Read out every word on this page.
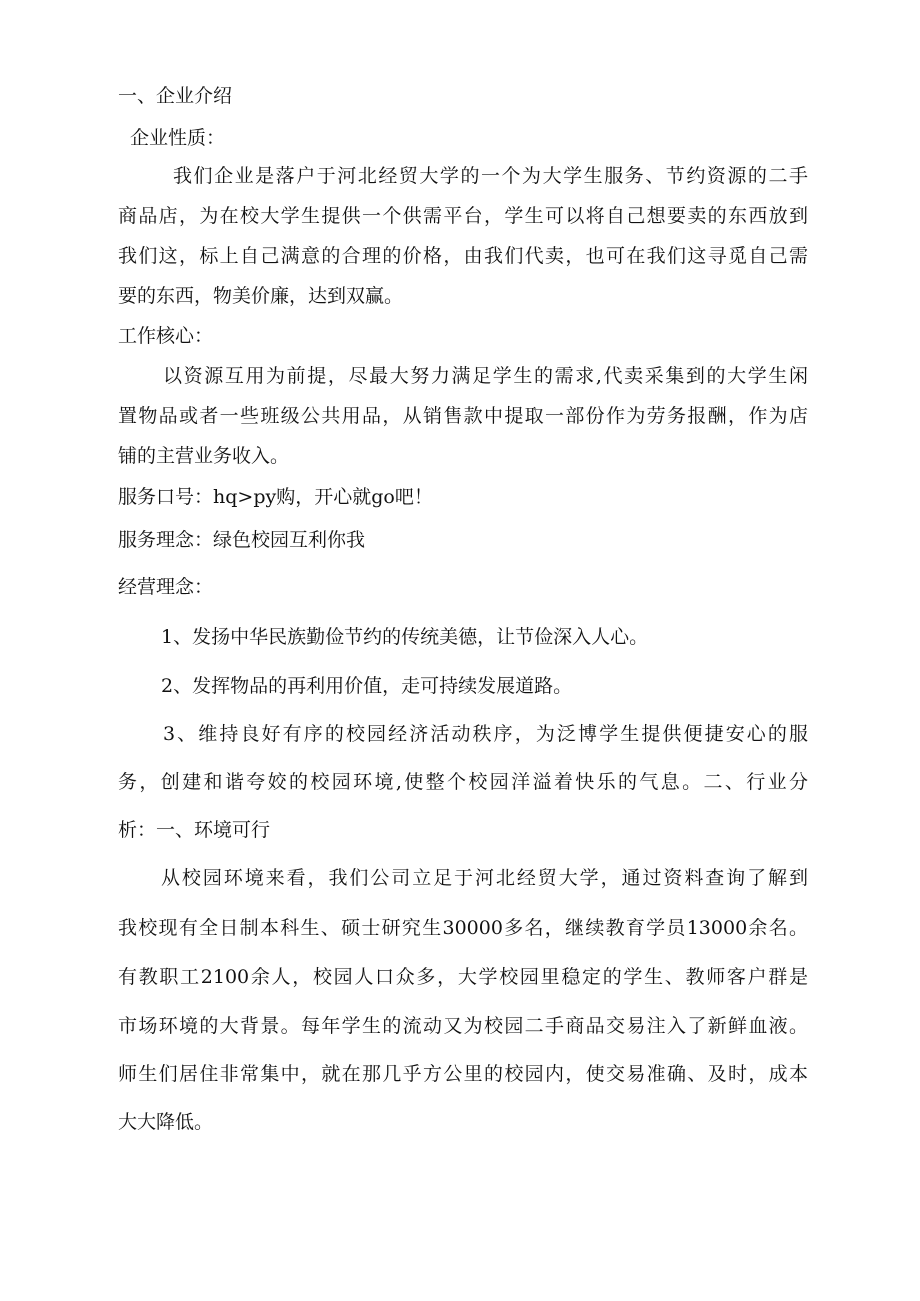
一、企业介绍

企业性质：

我们企业是落户于河北经贸大学的一个为大学生服务、节约资源的二手

商品店，为在校大学生提供一个供需平台，学生可以将自己想要卖的东西放到

我们这，标上自己满意的合理的价格，由我们代卖，也可在我们这寻觅自己需

要的东西，物美价廉，达到双赢。

工作核心：

以资源互用为前提，尽最大努力满足学生的需求,代卖采集到的大学生闲

置物品或者一些班级公共用品，从销售款中提取一部份作为劳务报酬，作为店

铺的主营业务收入。

服务口号：hq>py购，开心就go吧！

服务理念：绿色校园互利你我

经营理念：

1、发扬中华民族勤俭节约的传统美德，让节俭深入人心。

2、发挥物品的再利用价值，走可持续发展道路。

3、维持良好有序的校园经济活动秩序，为泛博学生提供便捷安心的服

务，创建和谐夸姣的校园环境,使整个校园洋溢着快乐的气息。二、行业分

析：一、环境可行

从校园环境来看，我们公司立足于河北经贸大学，通过资料查询了解到

我校现有全日制本科生、硕士研究生30000多名，继续教育学员13000余名。

有教职工2100余人，校园人口众多，大学校园里稳定的学生、教师客户群是

市场环境的大背景。每年学生的流动又为校园二手商品交易注入了新鲜血液。

师生们居住非常集中，就在那几乎方公里的校园内，使交易准确、及时，成本

大大降低。
